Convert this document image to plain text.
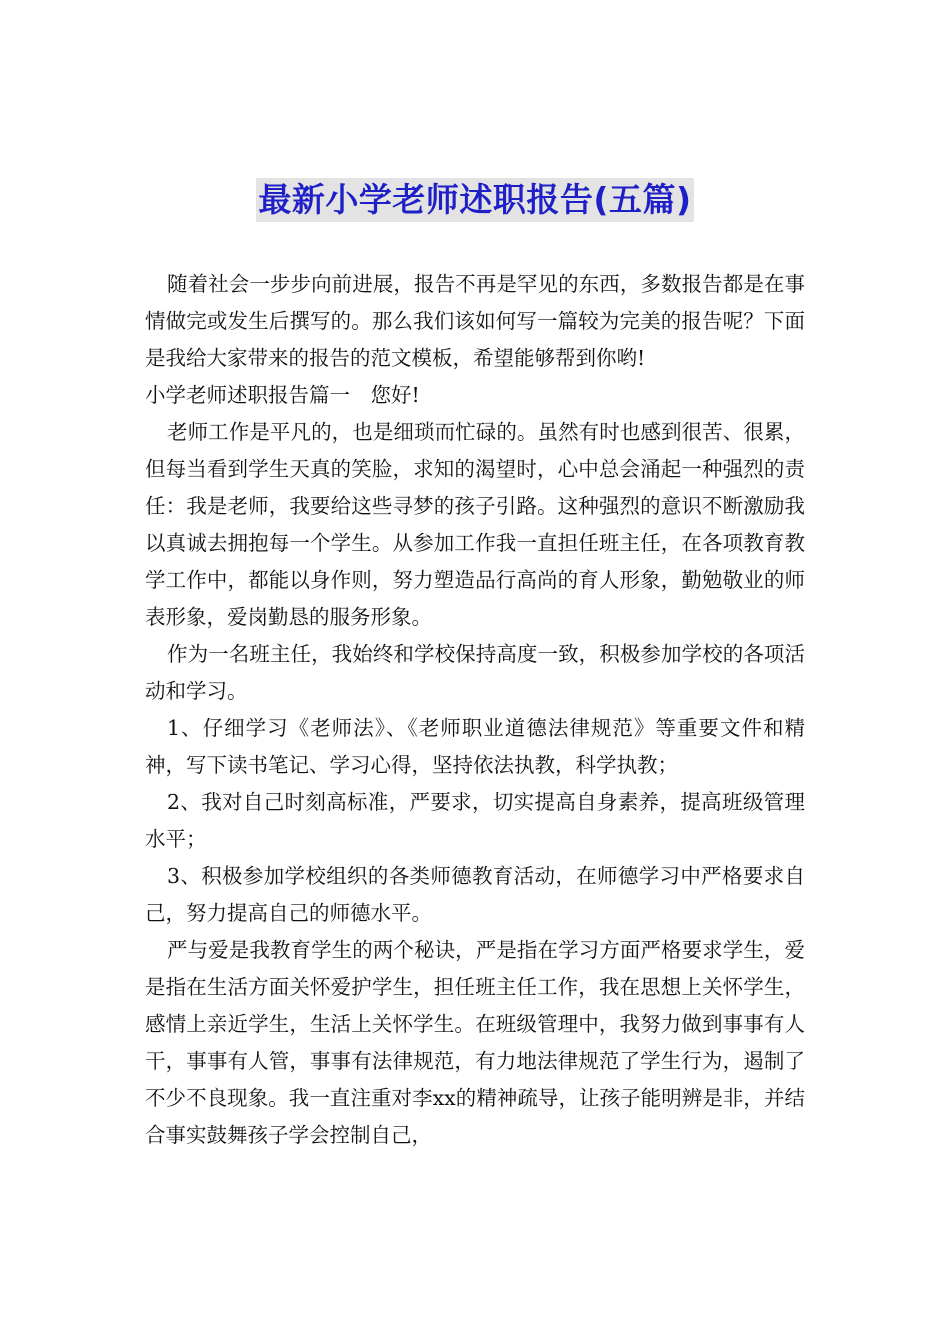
最新小学老师述职报告(五篇)

随着社会一步步向前进展，报告不再是罕见的东西，多数报告都是在事情做完或发生后撰写的。那么我们该如何写一篇较为完美的报告呢？下面是我给大家带来的报告的范文模板，希望能够帮到你哟!

小学老师述职报告篇一　您好!

老师工作是平凡的，也是细琐而忙碌的。虽然有时也感到很苦、很累，但每当看到学生天真的笑脸，求知的渴望时，心中总会涌起一种强烈的责任：我是老师，我要给这些寻梦的孩子引路。这种强烈的意识不断激励我以真诚去拥抱每一个学生。从参加工作我一直担任班主任，在各项教育教学工作中，都能以身作则，努力塑造品行高尚的育人形象，勤勉敬业的师表形象，爱岗勤恳的服务形象。

作为一名班主任，我始终和学校保持高度一致，积极参加学校的各项活动和学习。

1、仔细学习《老师法》、《老师职业道德法律规范》等重要文件和精神，写下读书笔记、学习心得，坚持依法执教，科学执教；

2、我对自己时刻高标准，严要求，切实提高自身素养，提高班级管理水平；

3、积极参加学校组织的各类师德教育活动，在师德学习中严格要求自己，努力提高自己的师德水平。

严与爱是我教育学生的两个秘诀，严是指在学习方面严格要求学生，爱是指在生活方面关怀爱护学生，担任班主任工作，我在思想上关怀学生，感情上亲近学生，生活上关怀学生。在班级管理中，我努力做到事事有人干，事事有人管，事事有法律规范，有力地法律规范了学生行为，遏制了不少不良现象。我一直注重对李xx的精神疏导，让孩子能明辨是非，并结合事实鼓舞孩子学会控制自己，
